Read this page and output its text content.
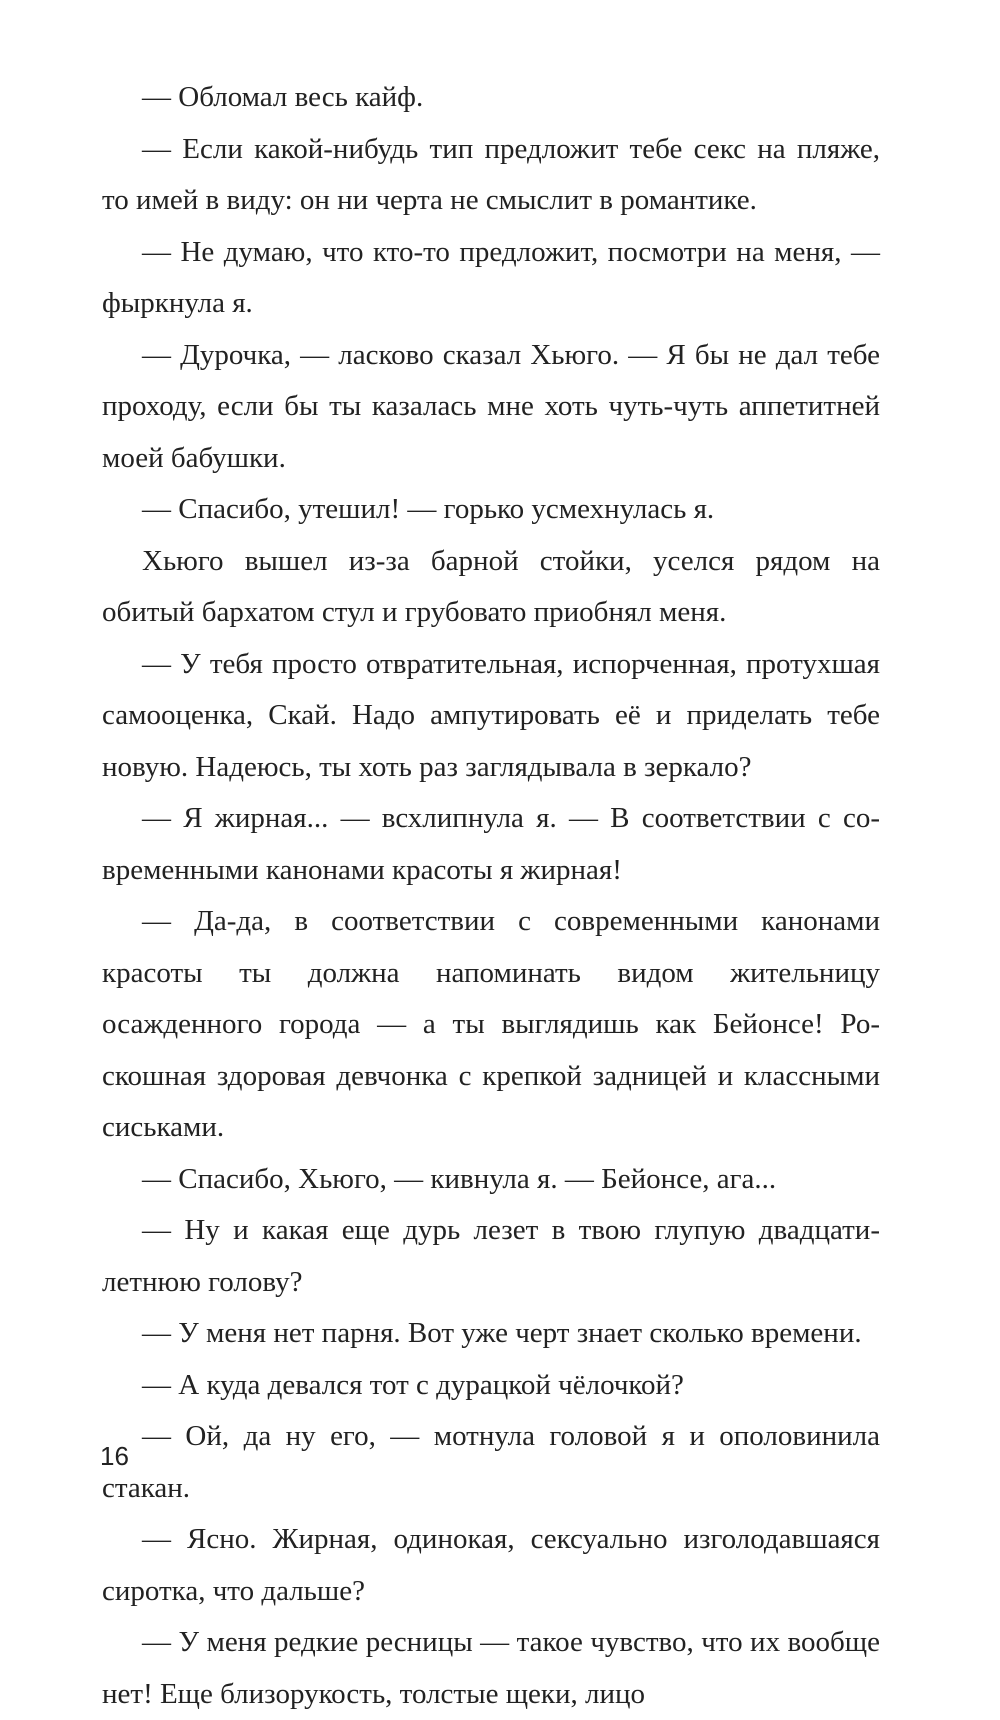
— Обломал весь кайф.

— Если какой-нибудь тип предложит тебе секс на пляже, то имей в виду: он ни черта не смыслит в романтике.

— Не думаю, что кто-то предложит, посмотри на меня, — фыркнула я.

— Дурочка, — ласково сказал Хьюго. — Я бы не дал тебе проходу, если бы ты казалась мне хоть чуть-чуть аппетитней моей бабушки.

— Спасибо, утешил! — горько усмехнулась я.

Хьюго вышел из-за барной стойки, уселся рядом на обитый бархатом стул и грубовато приобнял меня.

— У тебя просто отвратительная, испорченная, протухшая самооценка, Скай. Надо ампутировать её и приделать тебе новую. Надеюсь, ты хоть раз заглядывала в зеркало?

— Я жирная... — всхлипнула я. — В соответствии с современными канонами красоты я жирная!

— Да-да, в соответствии с современными канонами красоты ты должна напоминать видом жительницу осажденного города — а ты выглядишь как Бейонсе! Роскошная здоровая девчонка с крепкой задницей и классными сиськами.

— Спасибо, Хьюго, — кивнула я. — Бейонсе, ага...

— Ну и какая еще дурь лезет в твою глупую двадцатилетнюю голову?

— У меня нет парня. Вот уже черт знает сколько времени.

— А куда девался тот с дурацкой чёлочкой?

— Ой, да ну его, — мотнула головой я и ополовинила стакан.

— Ясно. Жирная, одинокая, сексуально изголодавшаяся сиротка, что дальше?

— У меня редкие ресницы — такое чувство, что их вообще нет! Еще близорукость, толстые щеки, лицо

16
